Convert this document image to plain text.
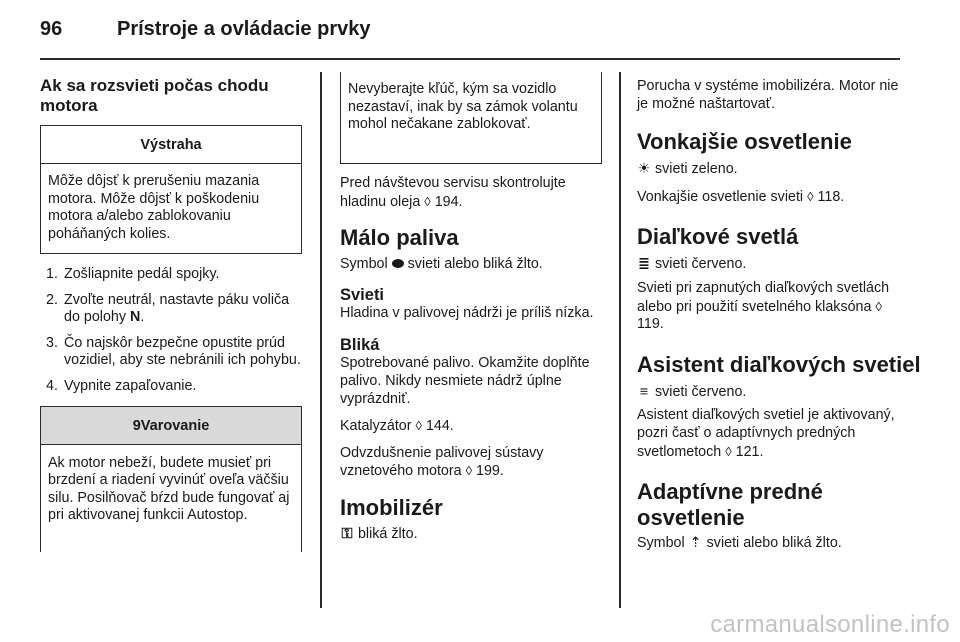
96	Prístroje a ovládacie prvky
Ak sa rozsvieti počas chodu motora
Výstraha
Môže dôjsť k prerušeniu mazania motora. Môže dôjsť k poškodeniu motora a/alebo zablokovaniu poháňaných kolies.
1. Zošliapnite pedál spojky.
2. Zvoľte neutrál, nastavte páku voliča do polohy N.
3. Čo najskôr bezpečne opustite prúd vozidiel, aby ste nebránili ich pohybu.
4. Vypnite zapaľovanie.
9Varovanie
Ak motor nebeží, budete musieť pri brzdení a riadení vyvinúť oveľa väčšiu silu. Posilňovač bŕzd bude fungovať aj pri aktivovanej funkcii Autostop.
Nevyberajte kľúč, kým sa vozidlo nezastaví, inak by sa zámok volantu mohol nečakane zablokovať.
Pred návštevou servisu skontrolujte hladinu oleja ◊ 194.
Málo paliva
Symbol svieti alebo bliká žlto.
Svieti
Hladina v palivovej nádrži je príliš nízka.
Bliká
Spotrebované palivo. Okamžite doplňte palivo. Nikdy nesmiete nádrž úplne vyprázdniť.
Katalyzátor ◊ 144.
Odvzdušnenie palivovej sústavy vznetového motora ◊ 199.
Imobilizér
⚿ bliká žlto.
Porucha v systéme imobilizéra. Motor nie je možné naštartovať.
Vonkajšie osvetlenie
☀ svieti zeleno.
Vonkajšie osvetlenie svieti ◊ 118.
Diaľkové svetlá
≣ svieti červeno.
Svieti pri zapnutých diaľkových svetlách alebo pri použití svetelného klaksóna ◊ 119.
Asistent diaľkových svetiel
≡ svieti červeno.
Asistent diaľkových svetiel je aktivovaný, pozri časť o adaptívnych predných svetlometoch ◊ 121.
Adaptívne predné osvetlenie
Symbol ⇡ svieti alebo bliká žlto.
carmanualsonline.info
